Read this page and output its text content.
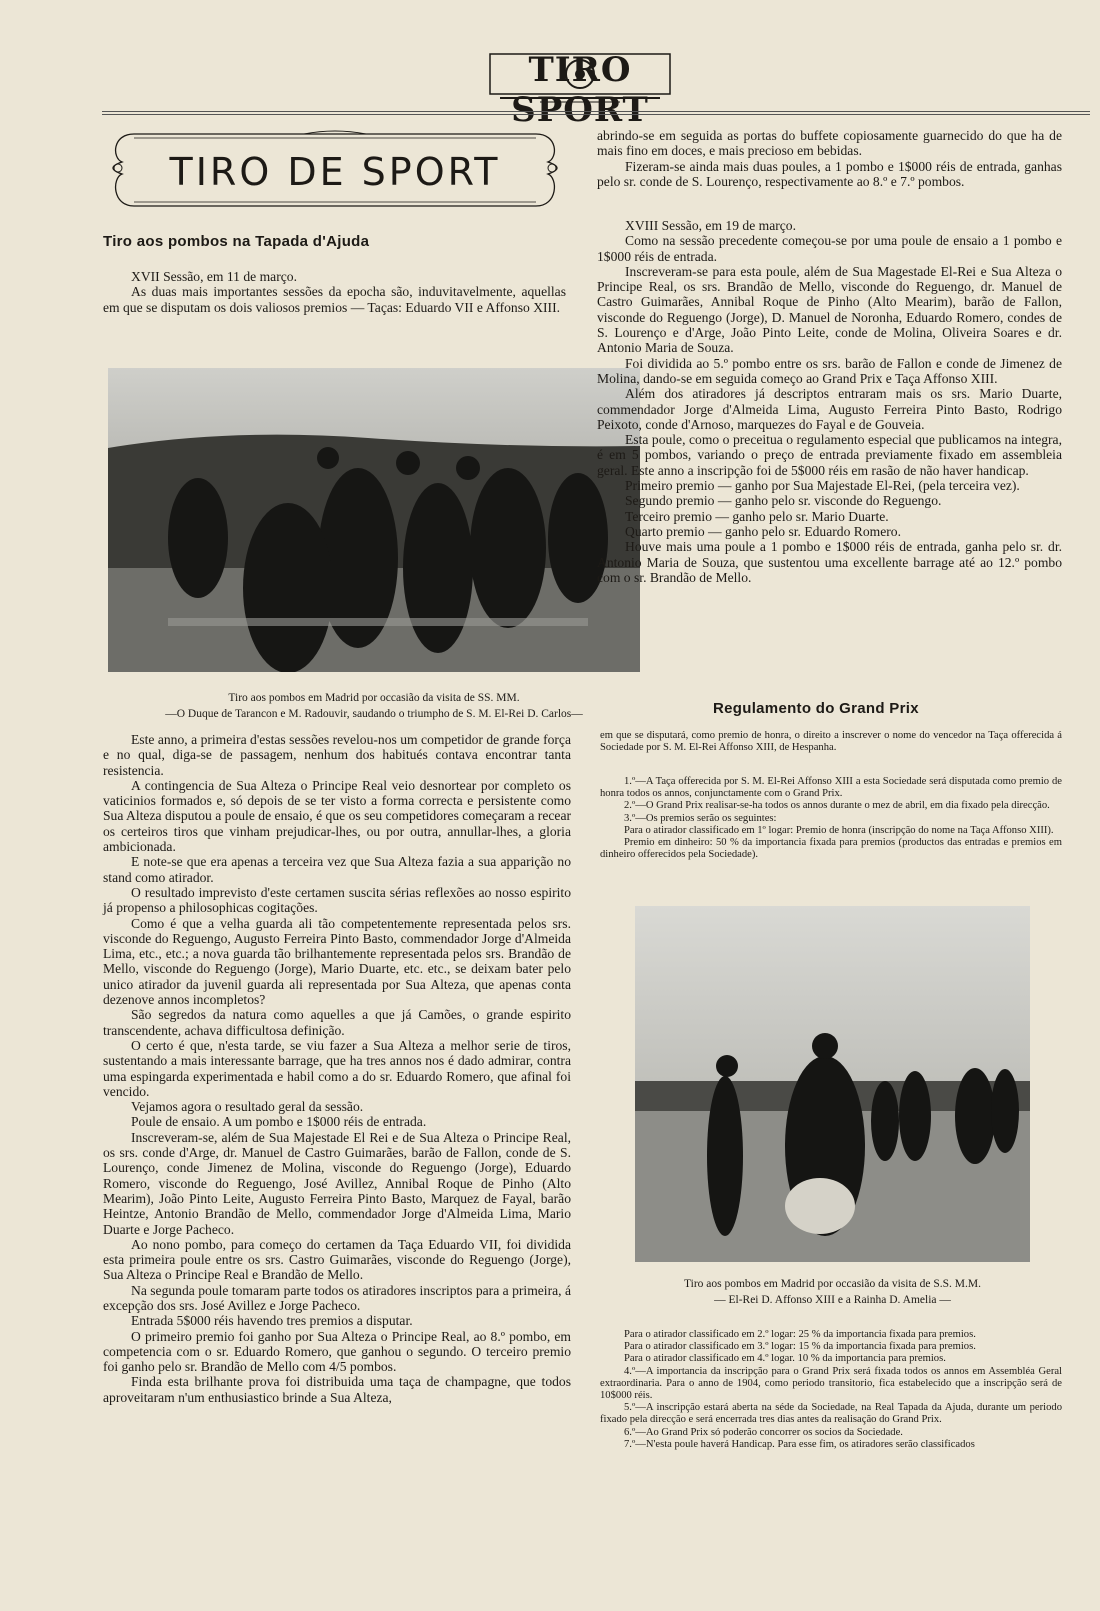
TIRO SPORT
TIRO DE SPORT
Tiro aos pombos na Tapada d'Ajuda

XVII Sessão, em 11 de março.

As duas mais importantes sessões da epocha são, induvitavelmente, aquellas em que se disputam os dois valiosos premios — Taças: Eduardo VII e Affonso XIII.

Tiro aos pombos em Madrid por occasião da visita de SS. MM.
—O Duque de Tarancon e M. Radouvir, saudando o triumpho de S. M. El-Rei D. Carlos—

Este anno, a primeira d'estas sessões revelou-nos um competidor de grande força e no qual, diga-se de passagem, nenhum dos habitués contava encontrar tanta resistencia.

A contingencia de Sua Alteza o Principe Real veio desnortear por completo os vaticinios formados e, só depois de se ter visto a forma correcta e persistente como Sua Alteza disputou a poule de ensaio, é que os seu competidores começaram a recear os certeiros tiros que vinham prejudicar-lhes, ou por outra, annullar-lhes, a gloria ambicionada.

E note-se que era apenas a terceira vez que Sua Alteza fazia a sua apparição no stand como atirador.

O resultado imprevisto d'este certamen suscita sérias reflexões ao nosso espirito já propenso a philosophicas cogitações.

Como é que a velha guarda ali tão competentemente representada pelos srs. visconde do Reguengo, Augusto Ferreira Pinto Basto, commendador Jorge d'Almeida Lima, etc., etc.; a nova guarda tão brilhantemente representada pelos srs. Brandão de Mello, visconde do Reguengo (Jorge), Mario Duarte, etc. etc., se deixam bater pelo unico atirador da juvenil guarda ali representada por Sua Alteza, que apenas conta dezenove annos incompletos?

São segredos da natura como aquelles a que já Camões, o grande espirito transcendente, achava difficultosa definição.

O certo é que, n'esta tarde, se viu fazer a Sua Alteza a melhor serie de tiros, sustentando a mais interessante barrage, que ha tres annos nos é dado admirar, contra uma espingarda experimentada e habil como a do sr. Eduardo Romero, que afinal foi vencido.

Vejamos agora o resultado geral da sessão.

Poule de ensaio. A um pombo e 1$000 réis de entrada.

Inscreveram-se, além de Sua Majestade El Rei e de Sua Alteza o Principe Real, os srs. conde d'Arge, dr. Manuel de Castro Guimarães, barão de Fallon, conde de S. Lourenço, conde Jimenez de Molina, visconde do Reguengo (Jorge), Eduardo Romero, visconde do Reguengo, José Avillez, Annibal Roque de Pinho (Alto Mearim), João Pinto Leite, Augusto Ferreira Pinto Basto, Marquez de Fayal, barão Heintze, Antonio Brandão de Mello, commendador Jorge d'Almeida Lima, Mario Duarte e Jorge Pacheco.

Ao nono pombo, para começo do certamen da Taça Eduardo VII, foi dividida esta primeira poule entre os srs. Castro Guimarães, visconde do Reguengo (Jorge), Sua Alteza o Principe Real e Brandão de Mello.

Na segunda poule tomaram parte todos os atiradores inscriptos para a primeira, á excepção dos srs. José Avillez e Jorge Pacheco.

Entrada 5$000 réis havendo tres premios a disputar.

O primeiro premio foi ganho por Sua Alteza o Principe Real, ao 8.º pombo, em competencia com o sr. Eduardo Romero, que ganhou o segundo. O terceiro premio foi ganho pelo sr. Brandão de Mello com 4/5 pombos.

Finda esta brilhante prova foi distribuida uma taça de champagne, que todos aproveitaram n'um enthusiastico brinde a Sua Alteza,

abrindo-se em seguida as portas do buffete copiosamente guarnecido do que ha de mais fino em doces, e mais precioso em bebidas.

Fizeram-se ainda mais duas poules, a 1 pombo e 1$000 réis de entrada, ganhas pelo sr. conde de S. Lourenço, respectivamente ao 8.º e 7.º pombos.

XVIII Sessão, em 19 de março.

Como na sessão precedente começou-se por uma poule de ensaio a 1 pombo e 1$000 réis de entrada.

Inscreveram-se para esta poule, além de Sua Magestade El-Rei e Sua Alteza o Principe Real, os srs. Brandão de Mello, visconde do Reguengo, dr. Manuel de Castro Guimarães, Annibal Roque de Pinho (Alto Mearim), barão de Fallon, visconde do Reguengo (Jorge), D. Manuel de Noronha, Eduardo Romero, condes de S. Lourenço e d'Arge, João Pinto Leite, conde de Molina, Oliveira Soares e dr. Antonio Maria de Souza.

Foi dividida ao 5.º pombo entre os srs. barão de Fallon e conde de Jimenez de Molina, dando-se em seguida começo ao Grand Prix e Taça Affonso XIII.

Além dos atiradores já descriptos entraram mais os srs. Mario Duarte, commendador Jorge d'Almeida Lima, Augusto Ferreira Pinto Basto, Rodrigo Peixoto, conde d'Arnoso, marquezes do Fayal e de Gouveia.

Esta poule, como o preceitua o regulamento especial que publicamos na integra, é em 5 pombos, variando o preço de entrada previamente fixado em assembleia geral. Este anno a inscripção foi de 5$000 réis em rasão de não haver handicap.

Primeiro premio — ganho por Sua Majestade El-Rei, (pela terceira vez).

Segundo premio — ganho pelo sr. visconde do Reguengo.

Terceiro premio — ganho pelo sr. Mario Duarte.

Quarto premio — ganho pelo sr. Eduardo Romero.

Houve mais uma poule a 1 pombo e 1$000 réis de entrada, ganha pelo sr. dr. Antonio Maria de Souza, que sustentou uma excellente barrage até ao 12.º pombo com o sr. Brandão de Mello.

Regulamento do Grand Prix

em que se disputará, como premio de honra, o direito a inscrever o nome do vencedor na Taça offerecida á Sociedade por S. M. El-Rei Affonso XIII, de Hespanha.

1.º—A Taça offerecida por S. M. El-Rei Affonso XIII a esta Sociedade será disputada como premio de honra todos os annos, conjunctamente com o Grand Prix.

2.º—O Grand Prix realisar-se-ha todos os annos durante o mez de abril, em dia fixado pela direcção.

3.º—Os premios serão os seguintes:

Para o atirador classificado em 1º logar: Premio de honra (inscripção do nome na Taça Affonso XIII).

Premio em dinheiro: 50 % da importancia fixada para premios (productos das entradas e premios em dinheiro offerecidos pela Sociedade).

Tiro aos pombos em Madrid por occasião da visita de S.S. M.M.
— El-Rei D. Affonso XIII e a Rainha D. Amelia —

Para o atirador classificado em 2.º logar: 25 % da importancia fixada para premios.

Para o atirador classificado em 3.º logar: 15 % da importancia fixada para premios.

Para o atirador classificado em 4.º logar. 10 % da importancia para premios.

4.º—A importancia da inscripção para o Grand Prix será fixada todos os annos em Assembléa Geral extraordinaria. Para o anno de 1904, como periodo transitorio, fica estabelecido que a inscripção será de 10$000 réis.

5.º—A inscripção estará aberta na séde da Sociedade, na Real Tapada da Ajuda, durante um periodo fixado pela direcção e será encerrada tres dias antes da realisação do Grand Prix.

6.º—Ao Grand Prix só poderão concorrer os socios da Sociedade.

7.º—N'esta poule haverá Handicap. Para esse fim, os atiradores serão classificados
